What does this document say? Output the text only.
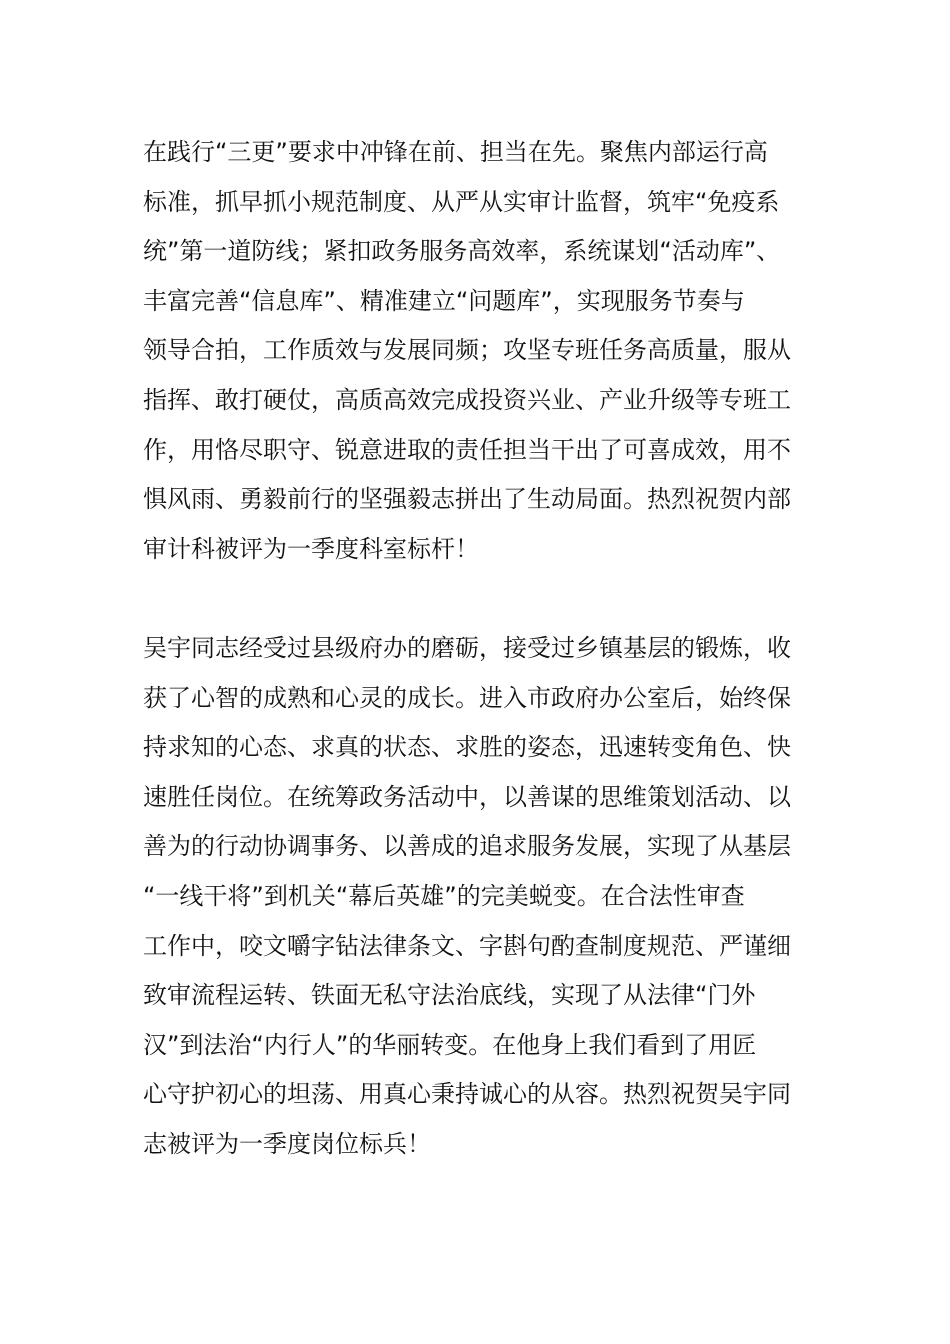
在践行“三更”要求中冲锋在前、担当在先。聚焦内部运行高
标准，抓早抓小规范制度、从严从实审计监督，筑牢“免疫系
统”第一道防线；紧扣政务服务高效率，系统谋划“活动库”、
丰富完善“信息库”、精准建立“问题库”，实现服务节奏与
领导合拍，工作质效与发展同频；攻坚专班任务高质量，服从
指挥、敢打硬仗，高质高效完成投资兴业、产业升级等专班工
作，用恪尽职守、锐意进取的责任担当干出了可喜成效，用不
惧风雨、勇毅前行的坚强毅志拼出了生动局面。热烈祝贺内部
审计科被评为一季度科室标杆！
吴宇同志经受过县级府办的磨砺，接受过乡镇基层的锻炼，收
获了心智的成熟和心灵的成长。进入市政府办公室后，始终保
持求知的心态、求真的状态、求胜的姿态，迅速转变角色、快
速胜任岗位。在统筹政务活动中，以善谋的思维策划活动、以
善为的行动协调事务、以善成的追求服务发展，实现了从基层
“一线干将”到机关“幕后英雄”的完美蜕变。在合法性审查
工作中，咬文嚼字钻法律条文、字斟句酌查制度规范、严谨细
致审流程运转、铁面无私守法治底线，实现了从法律“门外
汉”到法治“内行人”的华丽转变。在他身上我们看到了用匠
心守护初心的坦荡、用真心秉持诚心的从容。热烈祝贺吴宇同
志被评为一季度岗位标兵！
